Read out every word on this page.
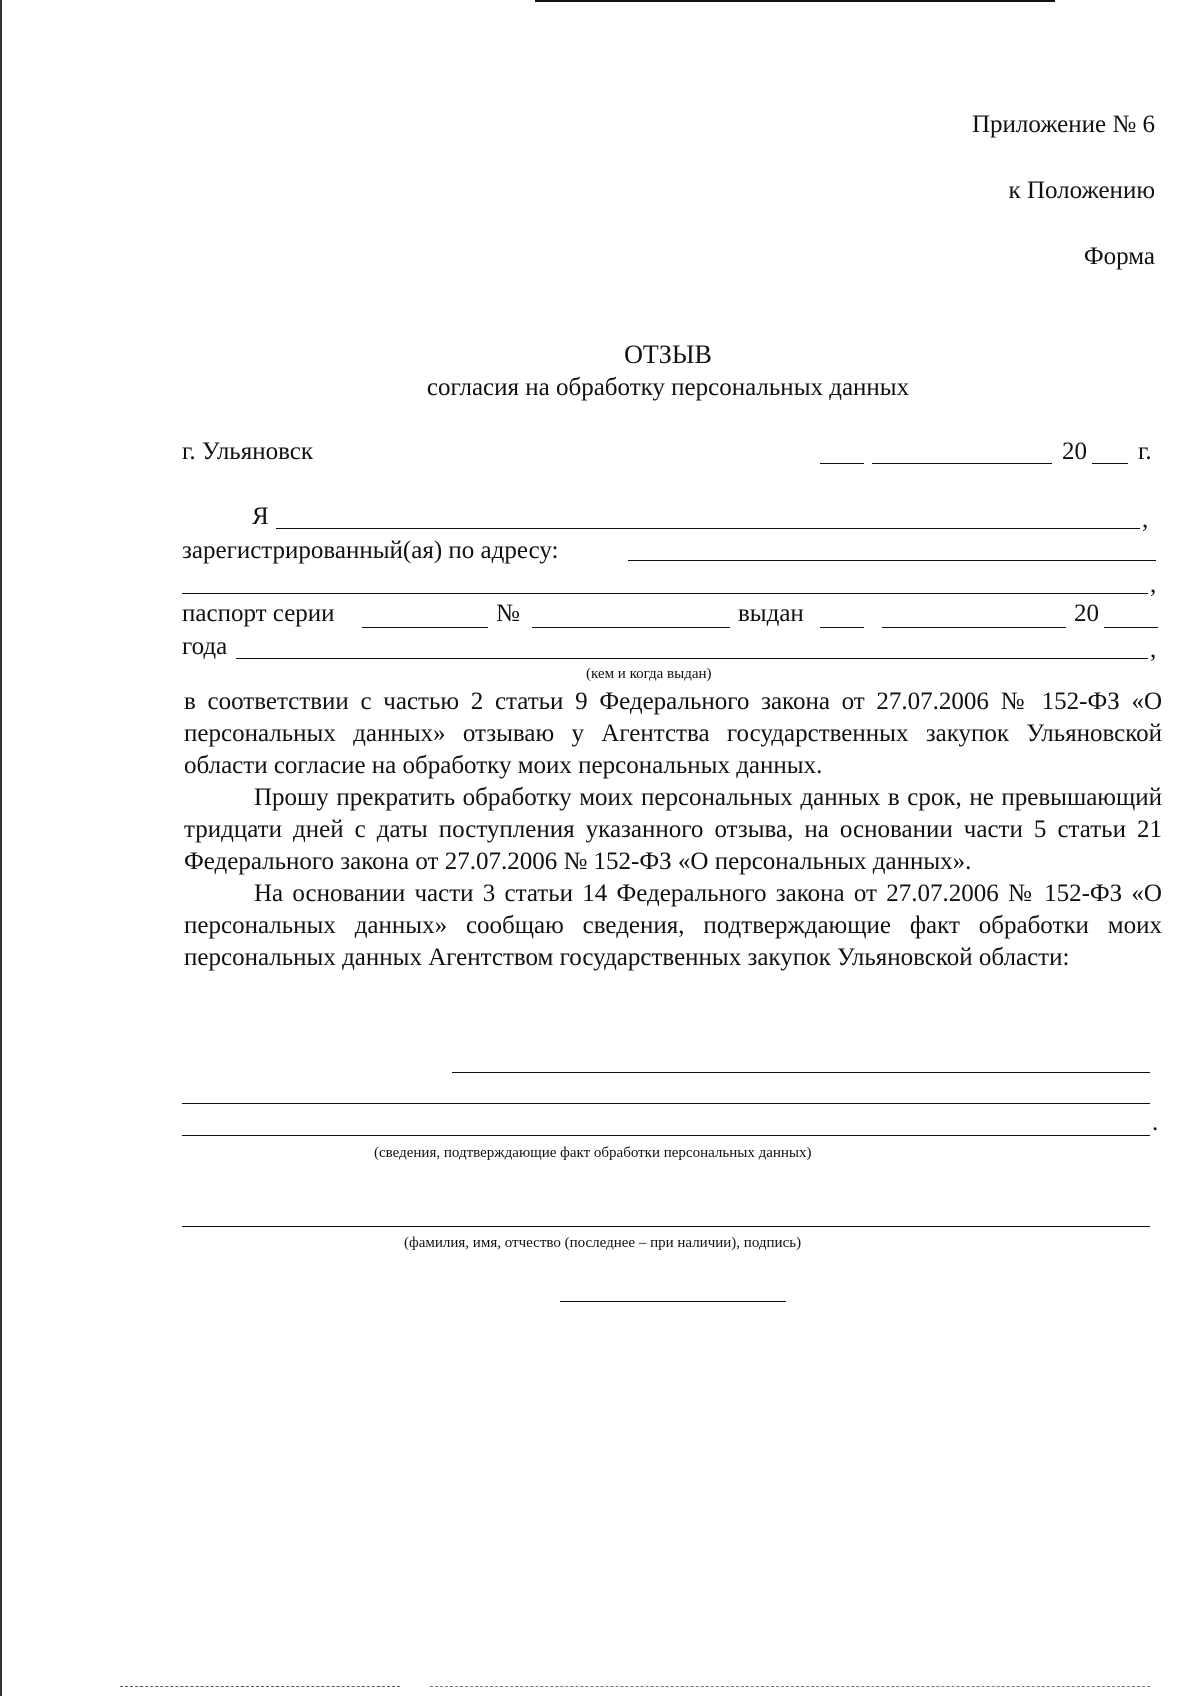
Приложение № 6
к Положению
Форма
ОТЗЫВ
согласия на обработку персональных данных
г. Ульяновск	20 г.
Я	,
зарегистрированный(ая) по адресу:
,
паспорт серии	№	выдан	20
года	,
(кем и когда выдан)

в соответствии с частью 2 статьи 9 Федерального закона от 27.07.2006 № 152-ФЗ «О персональных данных» отзываю у Агентства государственных закупок Ульяновской области согласие на обработку моих персональных данных.

Прошу прекратить обработку моих персональных данных в срок, не превышающий тридцати дней с даты поступления указанного отзыва, на основании части 5 статьи 21 Федерального закона от 27.07.2006 № 152-ФЗ «О персональных данных».

На основании части 3 статьи 14 Федерального закона от 27.07.2006 № 152-ФЗ «О персональных данных» сообщаю сведения, подтверждающие факт обработки моих персональных данных Агентством государственных закупок Ульяновской области:

.
(сведения, подтверждающие факт обработки персональных данных)
(фамилия, имя, отчество (последнее – при наличии), подпись)
